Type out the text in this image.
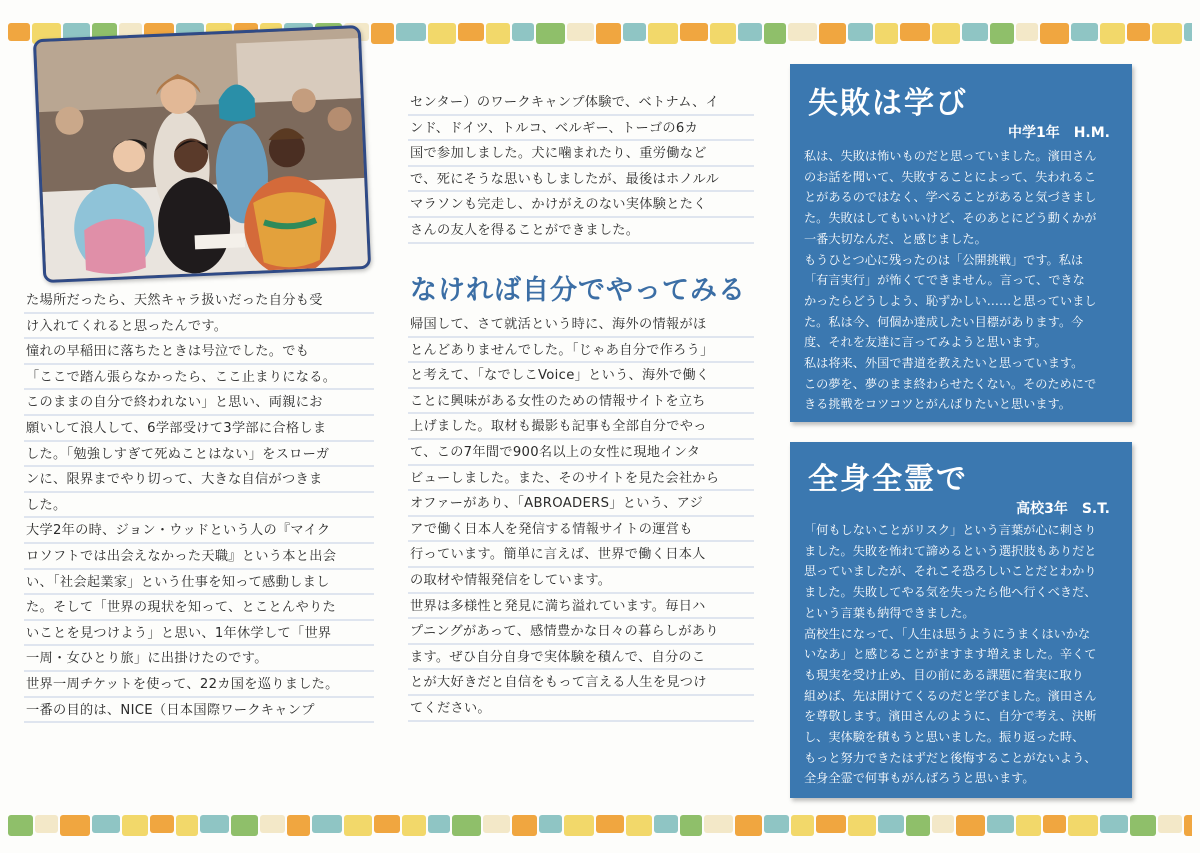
た場所だったら、天然キャラ扱いだった自分も受

け入れてくれると思ったんです。

憧れの早稲田に落ちたときは号泣でした。でも

「ここで踏ん張らなかったら、ここ止まりになる。

このままの自分で終われない」と思い、両親にお

願いして浪人して、6学部受けて3学部に合格しま

した。「勉強しすぎて死ぬことはない」をスローガ

ンに、限界までやり切って、大きな自信がつきま

した。

大学2年の時、ジョン・ウッドという人の『マイク

ロソフトでは出会えなかった天職』という本と出会

い、「社会起業家」という仕事を知って感動しまし

た。そして「世界の現状を知って、とことんやりた

いことを見つけよう」と思い、1年休学して「世界

一周・女ひとり旅」に出掛けたのです。

世界一周チケットを使って、22カ国を巡りました。

一番の目的は、NICE（日本国際ワークキャンプ

センター）のワークキャンプ体験で、ベトナム、イ

ンド、ドイツ、トルコ、ベルギー、トーゴの6カ

国で参加しました。犬に噛まれたり、重労働など

で、死にそうな思いもしましたが、最後はホノルル

マラソンも完走し、かけがえのない実体験とたく

さんの友人を得ることができました。

なければ自分でやってみる

帰国して、さて就活という時に、海外の情報がほ

とんどありませんでした。「じゃあ自分で作ろう」

と考えて、「なでしこVoice」という、海外で働く

ことに興味がある女性のための情報サイトを立ち

上げました。取材も撮影も記事も全部自分でやっ

て、この7年間で900名以上の女性に現地インタ

ビューしました。また、そのサイトを見た会社から

オファーがあり、「ABROADERS」という、アジ

アで働く日本人を発信する情報サイトの運営も

行っています。簡単に言えば、世界で働く日本人

の取材や情報発信をしています。

世界は多様性と発見に満ち溢れています。毎日ハ

プニングがあって、感情豊かな日々の暮らしがあり

ます。ぜひ自分自身で実体験を積んで、自分のこ

とが大好きだと自信をもって言える人生を見つけ

てください。

失敗は学び
中学1年　H.M.

私は、失敗は怖いものだと思っていました。濱田さん

のお話を聞いて、失敗することによって、失われるこ

とがあるのではなく、学べることがあると気づきまし

た。失敗はしてもいいけど、そのあとにどう動くかが

一番大切なんだ、と感じました。

もうひとつ心に残ったのは「公開挑戦」です。私は

「有言実行」が怖くてできません。言って、できな

かったらどうしよう、恥ずかしい……と思っていまし

た。私は今、何個か達成したい目標があります。今

度、それを友達に言ってみようと思います。

私は将来、外国で書道を教えたいと思っています。

この夢を、夢のまま終わらせたくない。そのためにで

きる挑戦をコツコツとがんばりたいと思います。

全身全霊で
高校3年　S.T.

「何もしないことがリスク」という言葉が心に刺さり

ました。失敗を怖れて諦めるという選択肢もありだと

思っていましたが、それこそ恐ろしいことだとわかり

ました。失敗してやる気を失ったら他へ行くべきだ、

という言葉も納得できました。

高校生になって、「人生は思うようにうまくはいかな

いなあ」と感じることがますます増えました。辛くて

も現実を受け止め、目の前にある課題に着実に取り

組めば、先は開けてくるのだと学びました。濱田さん

を尊敬します。濱田さんのように、自分で考え、決断

し、実体験を積もうと思いました。振り返った時、

もっと努力できたはずだと後悔することがないよう、

全身全霊で何事もがんばろうと思います。
